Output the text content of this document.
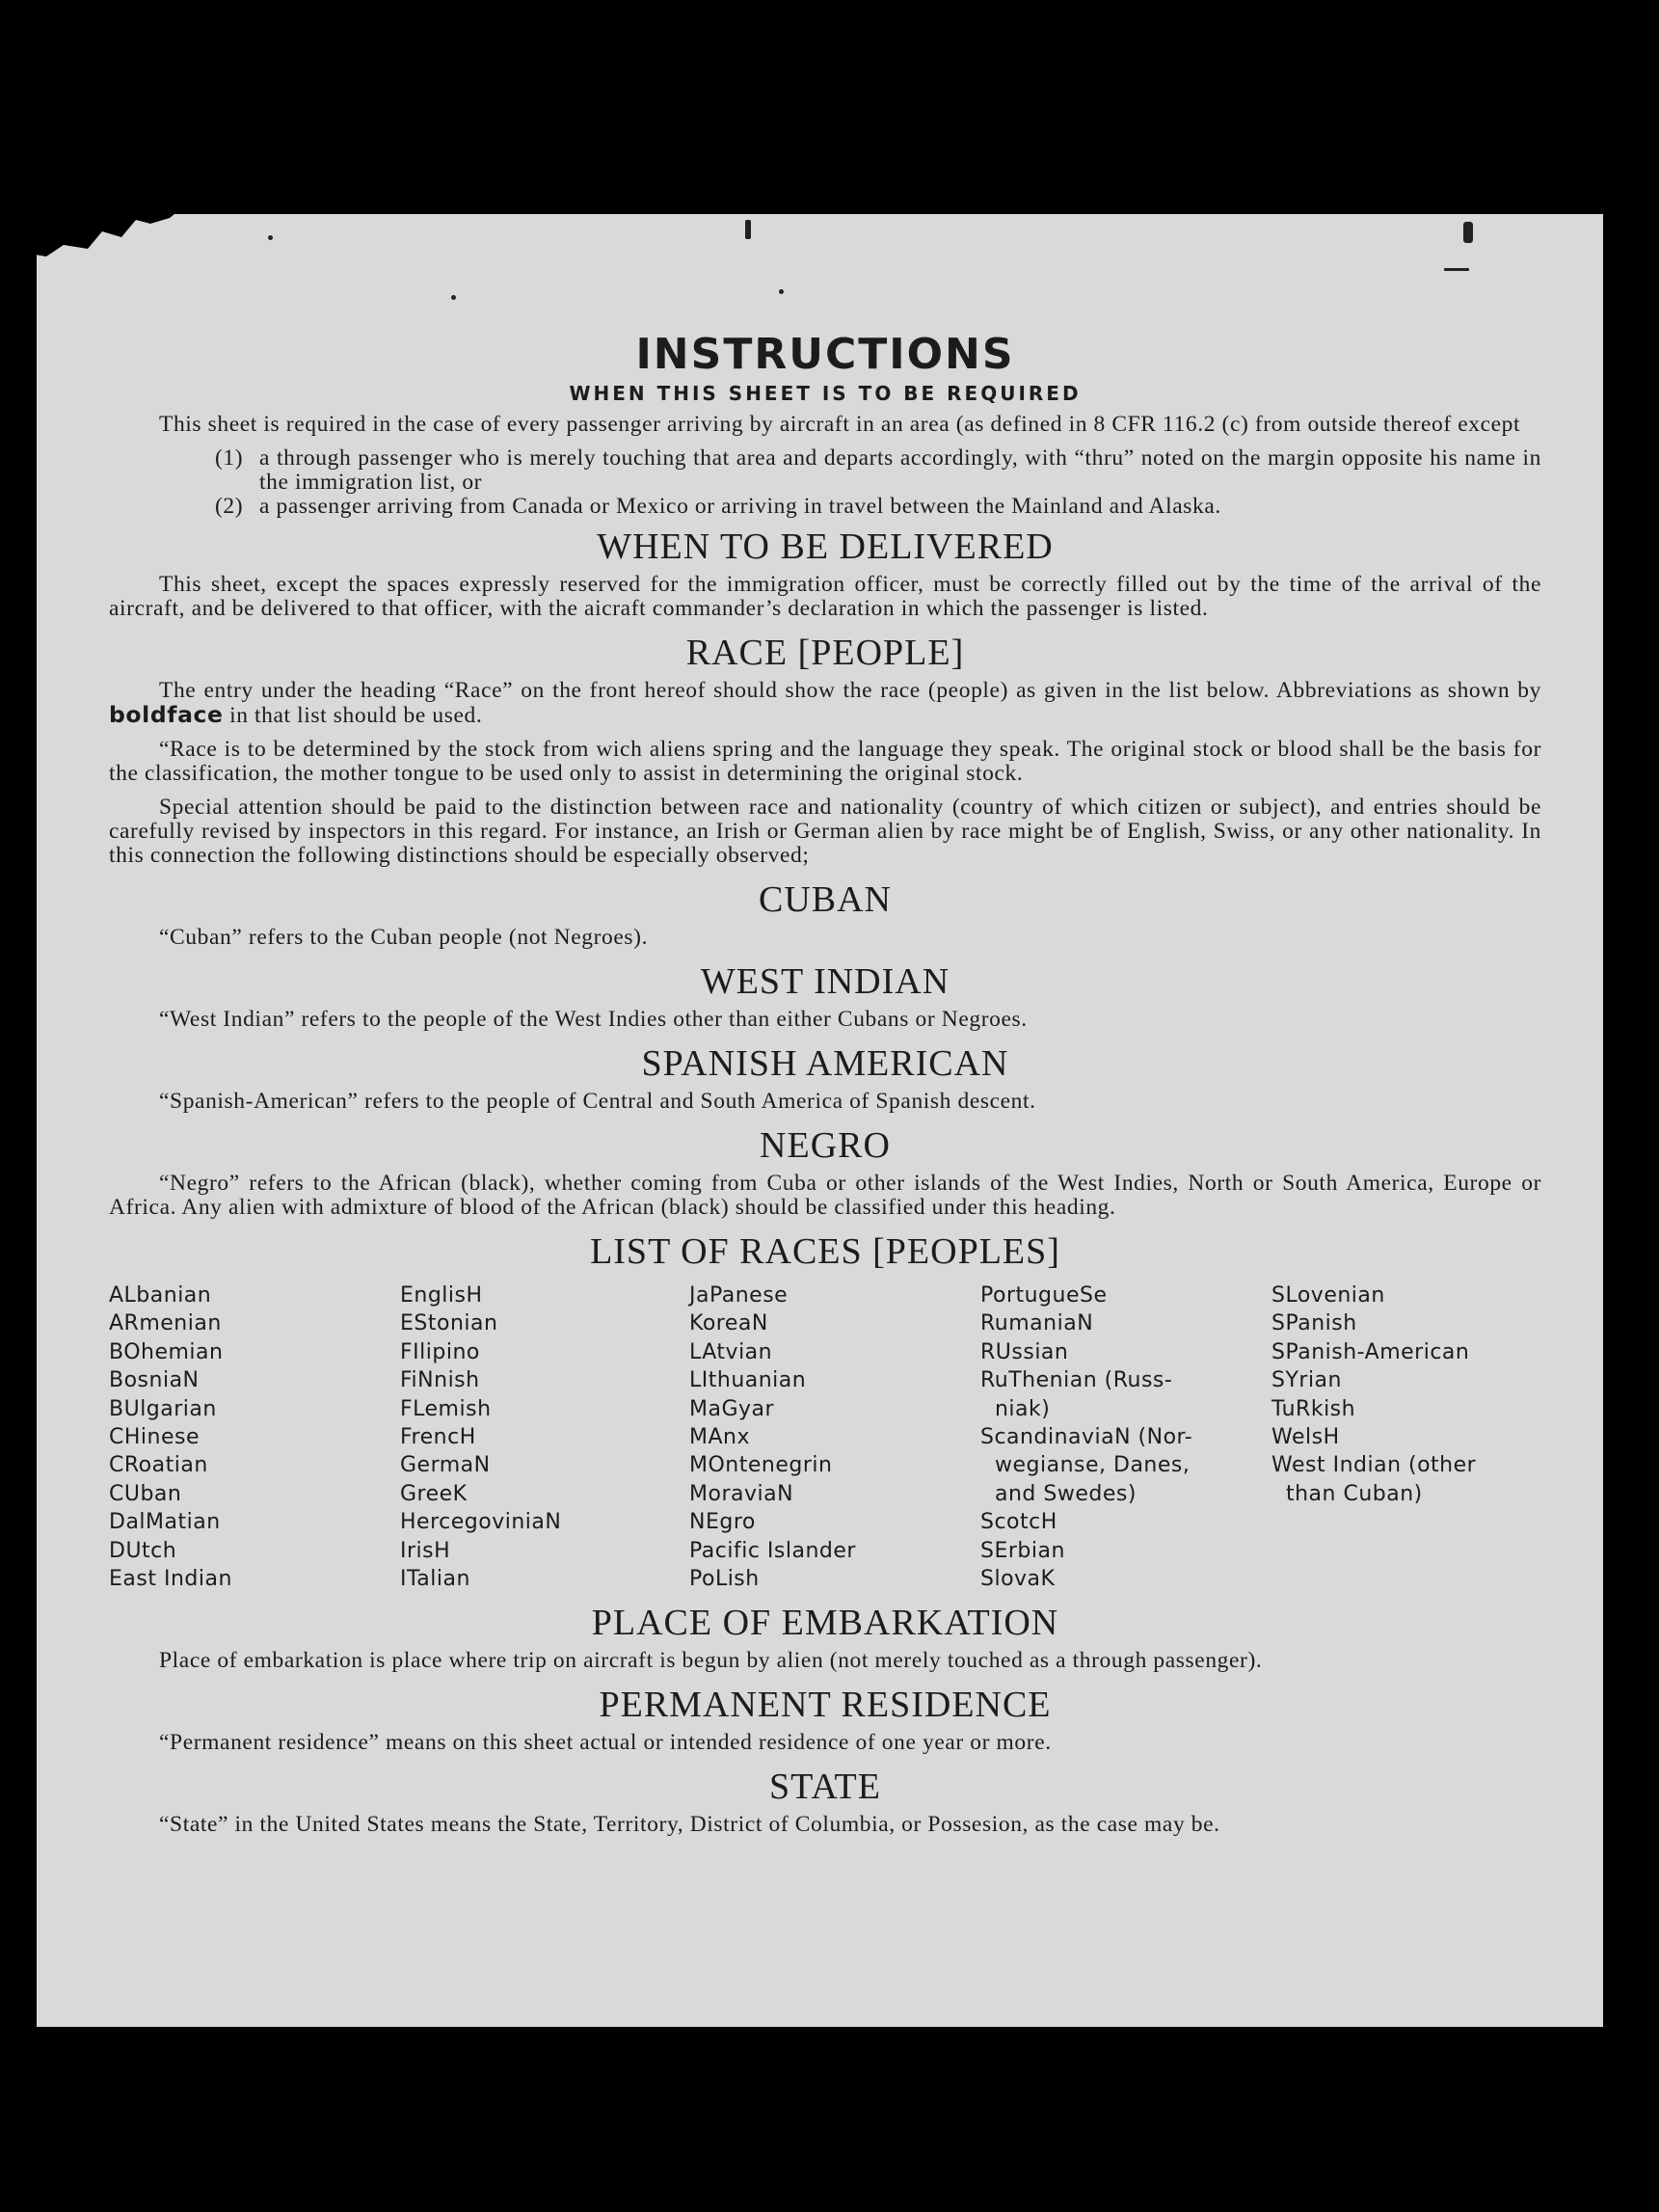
INSTRUCTIONS
WHEN THIS SHEET IS TO BE REQUIRED

This sheet is required in the case of every passenger arriving by aircraft in an area (as defined in 8 CFR 116.2 (c) from outside thereof except

(1) a through passenger who is merely touching that area and departs accordingly, with “thru” noted on the margin opposite his name in the immigration list, or
(2) a passenger arriving from Canada or Mexico or arriving in travel between the Mainland and Alaska.
WHEN TO BE DELIVERED

This sheet, except the spaces expressly reserved for the immigration officer, must be correctly filled out by the time of the arrival of the aircraft, and be delivered to that officer, with the aicraft commander’s declaration in which the passenger is listed.

RACE [PEOPLE]

The entry under the heading “Race” on the front hereof should show the race (people) as given in the list below. Abbreviations as shown by boldface in that list should be used.

“Race is to be determined by the stock from wich aliens spring and the language they speak. The original stock or blood shall be the basis for the classification, the mother tongue to be used only to assist in determining the original stock.

Special attention should be paid to the distinction between race and nationality (country of which citizen or subject), and entries should be carefully revised by inspectors in this regard. For instance, an Irish or German alien by race might be of English, Swiss, or any other nationality. In this connection the following distinctions should be especially observed;

CUBAN

“Cuban” refers to the Cuban people (not Negroes).

WEST INDIAN

“West Indian” refers to the people of the West Indies other than either Cubans or Negroes.

SPANISH AMERICAN

“Spanish-American” refers to the people of Central and South America of Spanish descent.

NEGRO

“Negro” refers to the African (black), whether coming from Cuba or other islands of the West Indies, North or South America, Europe or Africa. Any alien with admixture of blood of the African (black) should be classified under this heading.

LIST OF RACES [PEOPLES]
ALbanian
ARmenian
BOhemian
BosniaN
BUlgarian
CHinese
CRoatian
CUban
DalMatian
DUtch
East Indian
EnglisH
EStonian
FIlipino
FiNnish
FLemish
FrencH
GermaN
GreeK
HercegoviniaN
IrisH
ITalian
JaPanese
KoreaN
LAtvian
LIthuanian
MaGyar
MAnx
MOntenegrin
MoraviaN
NEgro
Pacific Islander
PoLish
PortugueSe
RumaniaN
RUssian
RuThenian (Russ-
niak)
ScandinaviaN (Nor-
wegianse, Danes,
and Swedes)
ScotcH
SErbian
SlovaK
SLovenian
SPanish
SPanish-American
SYrian
TuRkish
WelsH
West Indian (other
than Cuban)
PLACE OF EMBARKATION

Place of embarkation is place where trip on aircraft is begun by alien (not merely touched as a through passenger).

PERMANENT RESIDENCE

“Permanent residence” means on this sheet actual or intended residence of one year or more.

STATE

“State” in the United States means the State, Territory, District of Columbia, or Possesion, as the case may be.
